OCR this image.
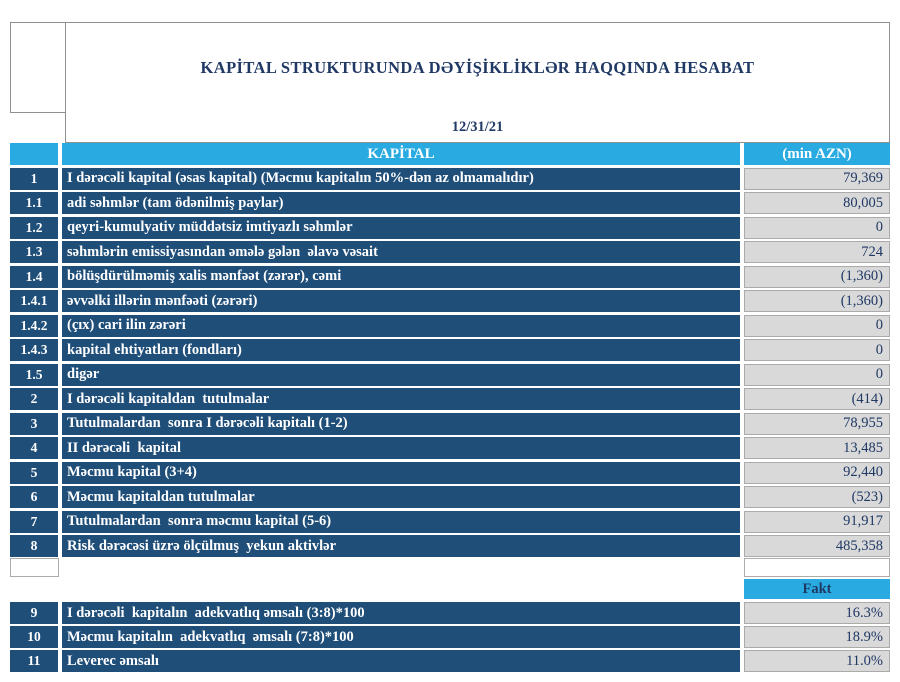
KAPİTAL STRUKTURUNDA DƏYİŞİKLİKLƏR HAQQINDA HESABAT
12/31/21
KAPİTAL	(min AZN)
1	I dərəcəli kapital (əsas kapital) (Məcmu kapitalın 50%-dən az olmamalıdır)	79,369
1.1	adi səhmlər (tam ödənilmiş paylar)	80,005
1.2	qeyri-kumulyativ müddətsiz imtiyazlı səhmlər	0
1.3	səhmlərin emissiyasından əmələ gələn  əlavə vəsait	724
1.4	bölüşdürülməmiş xalis mənfəət (zərər), cəmi	(1,360)
1.4.1	əvvəlki illərin mənfəəti (zərəri)	(1,360)
1.4.2	(çıx) cari ilin zərəri	0
1.4.3	kapital ehtiyatları (fondları)	0
1.5	digər	0
2	I dərəcəli kapitaldan  tutulmalar	(414)
3	Tutulmalardan  sonra I dərəcəli kapitalı (1-2)	78,955
4	II dərəcəli  kapital	13,485
5	Məcmu kapital (3+4)	92,440
6	Məcmu kapitaldan tutulmalar	(523)
7	Tutulmalardan  sonra məcmu kapital (5-6)	91,917
8	Risk dərəcəsi üzrə ölçülmuş  yekun aktivlər	485,358
Fakt
9	I dərəcəli  kapitalın  adekvatlıq əmsalı (3:8)*100	16.3%
10	Məcmu kapitalın  adekvatlıq  əmsalı (7:8)*100	18.9%
11	Leverec əmsalı	11.0%
